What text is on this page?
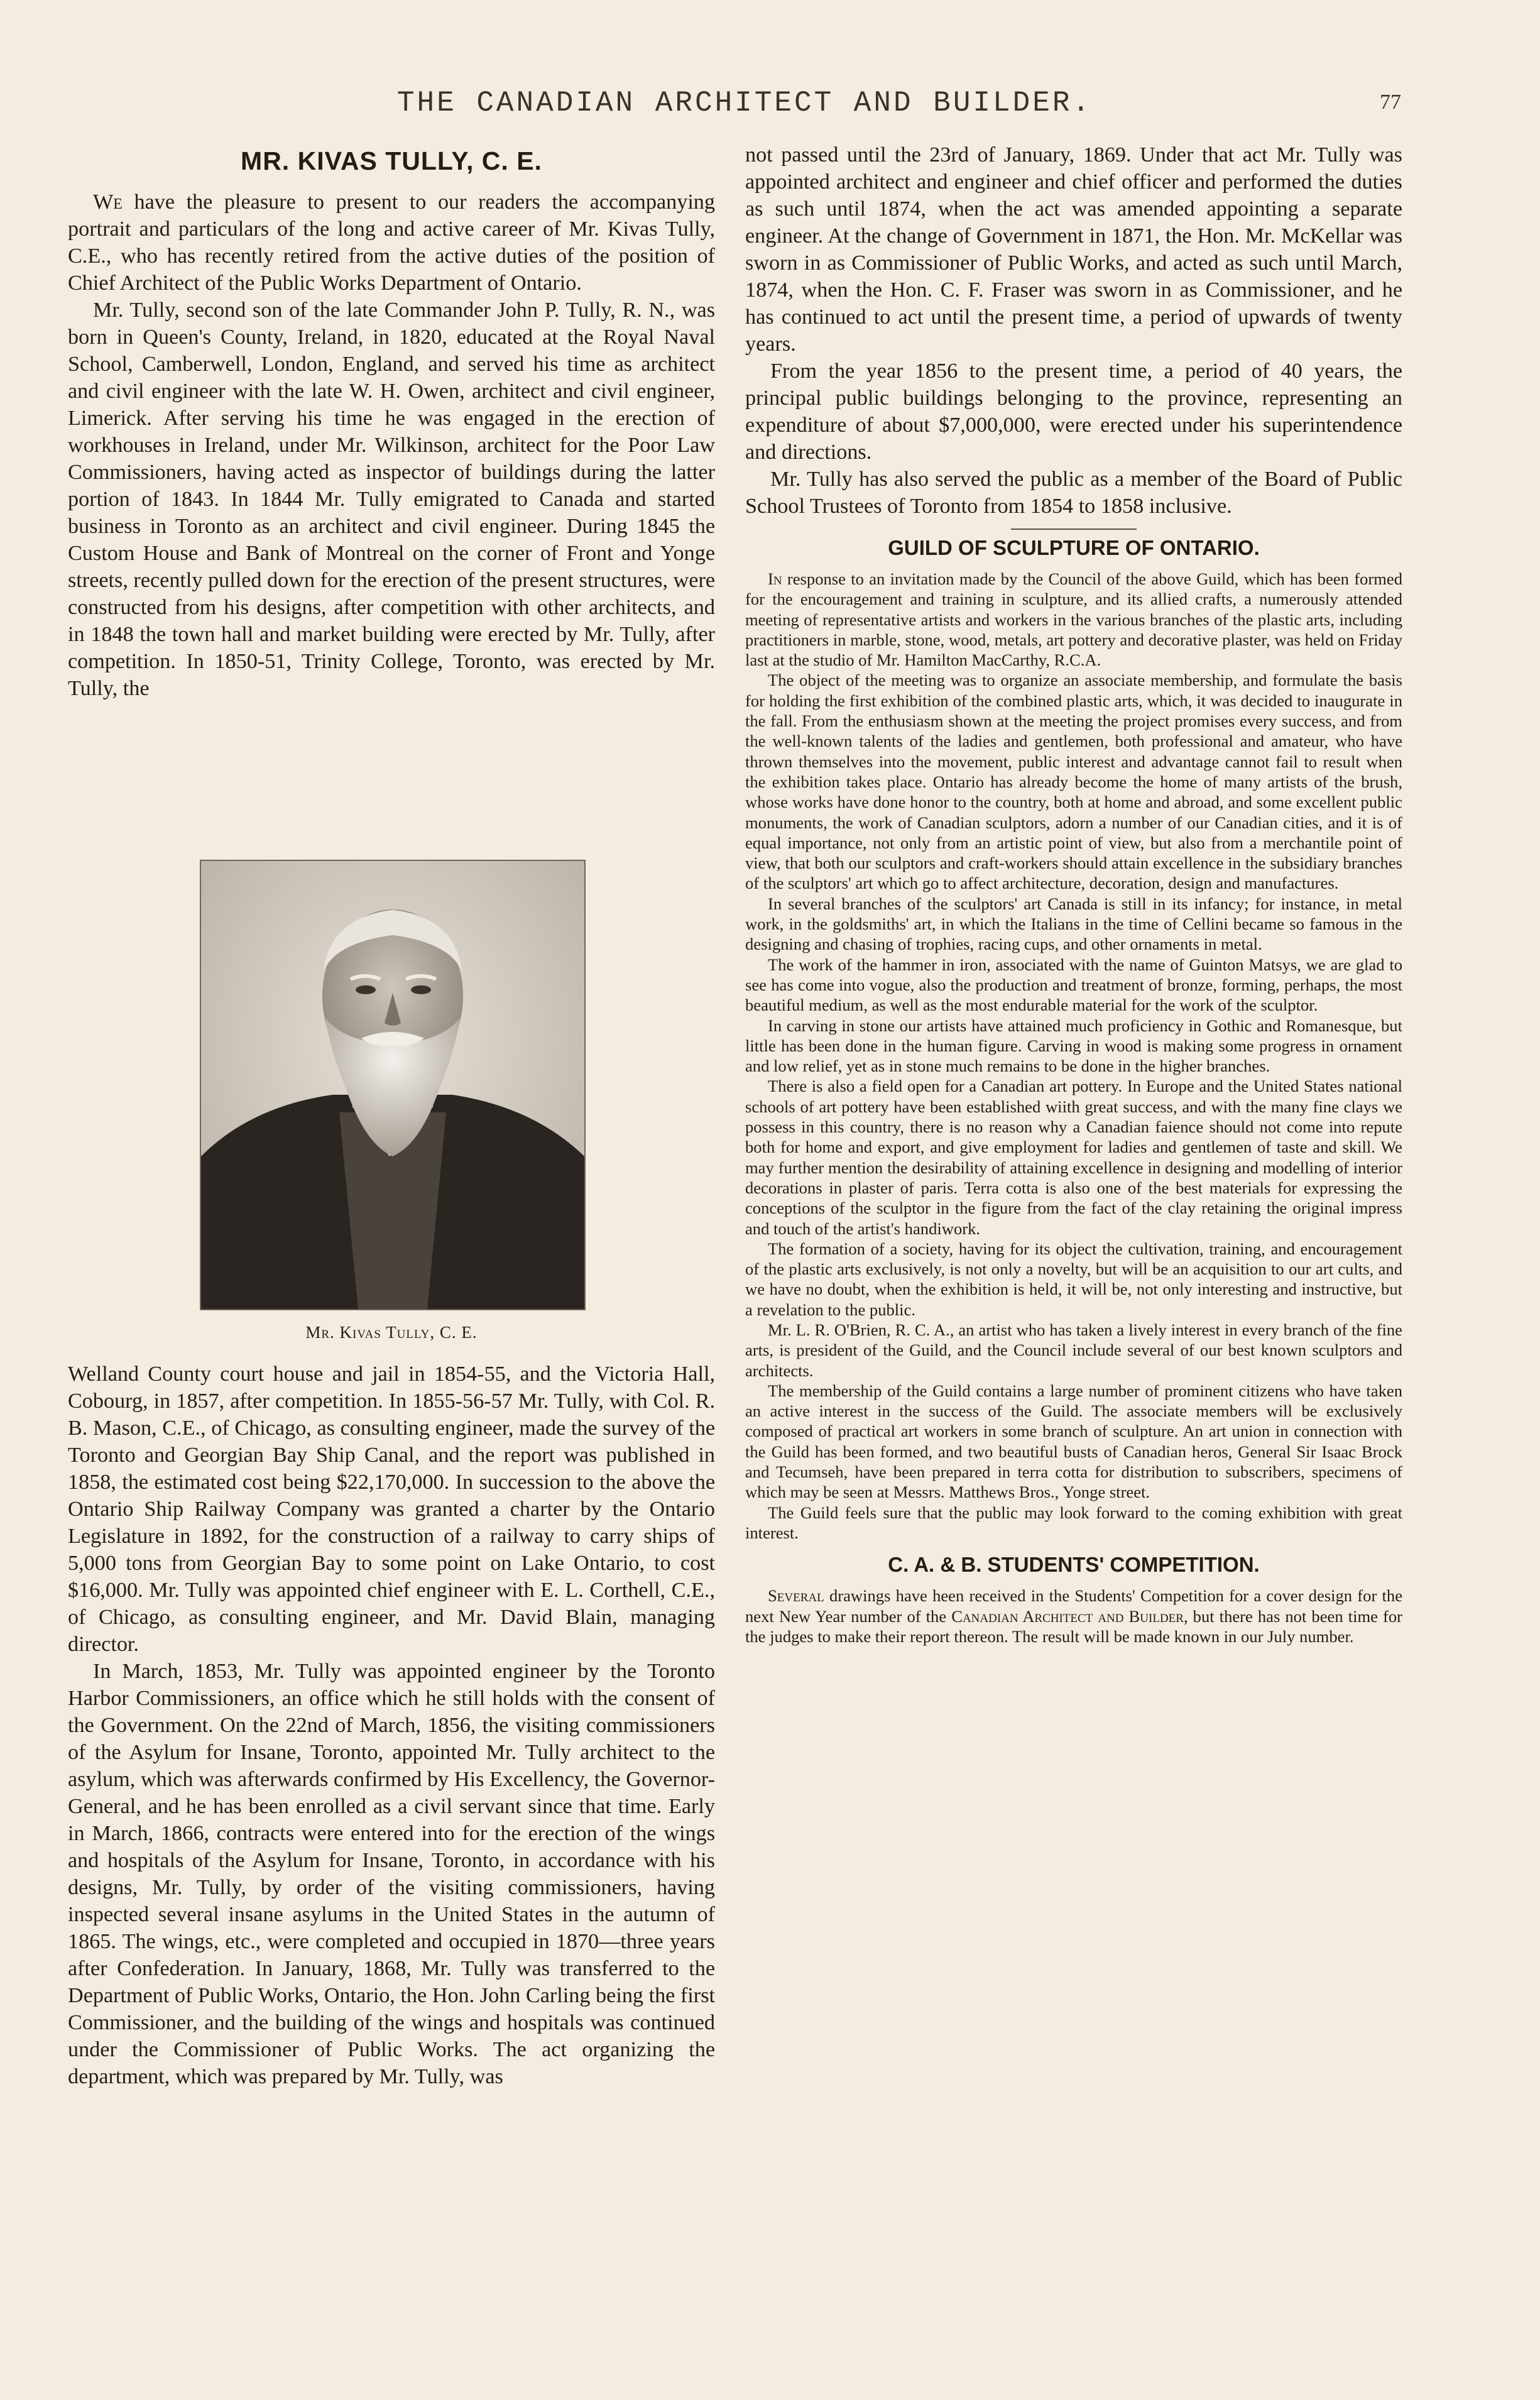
THE CANADIAN ARCHITECT AND BUILDER.	77
MR. KIVAS TULLY, C. E.

We have the pleasure to present to our readers the accompanying portrait and particulars of the long and active career of Mr. Kivas Tully, C.E., who has recently retired from the active duties of the position of Chief Architect of the Public Works Department of Ontario.

Mr. Tully, second son of the late Commander John P. Tully, R. N., was born in Queen's County, Ireland, in 1820, educated at the Royal Naval School, Camberwell, London, England, and served his time as architect and civil engineer with the late W. H. Owen, architect and civil engineer, Limerick. After serving his time he was engaged in the erection of workhouses in Ireland, under Mr. Wilkinson, architect for the Poor Law Commissioners, having acted as inspector of buildings during the latter portion of 1843. In 1844 Mr. Tully emigrated to Canada and started business in Toronto as an architect and civil engineer. During 1845 the Custom House and Bank of Montreal on the corner of Front and Yonge streets, recently pulled down for the erection of the present structures, were constructed from his designs, after competition with other architects, and in 1848 the town hall and market building were erected by Mr. Tully, after competition. In 1850-51, Trinity College, Toronto, was erected by Mr. Tully, the

Mr. Kivas Tully, C. E.

Welland County court house and jail in 1854-55, and the Victoria Hall, Cobourg, in 1857, after competition. In 1855-56-57 Mr. Tully, with Col. R. B. Mason, C.E., of Chicago, as consulting engineer, made the survey of the Toronto and Georgian Bay Ship Canal, and the report was published in 1858, the estimated cost being $22,170,000. In succession to the above the Ontario Ship Railway Company was granted a charter by the Ontario Legislature in 1892, for the construction of a railway to carry ships of 5,000 tons from Georgian Bay to some point on Lake Ontario, to cost $16,000. Mr. Tully was appointed chief engineer with E. L. Corthell, C.E., of Chicago, as consulting engineer, and Mr. David Blain, managing director.

In March, 1853, Mr. Tully was appointed engineer by the Toronto Harbor Commissioners, an office which he still holds with the consent of the Government. On the 22nd of March, 1856, the visiting commissioners of the Asylum for Insane, Toronto, appointed Mr. Tully architect to the asylum, which was afterwards confirmed by His Excellency, the Governor-General, and he has been enrolled as a civil servant since that time. Early in March, 1866, contracts were entered into for the erection of the wings and hospitals of the Asylum for Insane, Toronto, in accordance with his designs, Mr. Tully, by order of the visiting commissioners, having inspected several insane asylums in the United States in the autumn of 1865. The wings, etc., were completed and occupied in 1870—three years after Confederation. In January, 1868, Mr. Tully was transferred to the Department of Public Works, Ontario, the Hon. John Carling being the first Commissioner, and the building of the wings and hospitals was continued under the Commissioner of Public Works. The act organizing the department, which was prepared by Mr. Tully, was

not passed until the 23rd of January, 1869. Under that act Mr. Tully was appointed architect and engineer and chief officer and performed the duties as such until 1874, when the act was amended appointing a separate engineer. At the change of Government in 1871, the Hon. Mr. McKellar was sworn in as Commissioner of Public Works, and acted as such until March, 1874, when the Hon. C. F. Fraser was sworn in as Commissioner, and he has continued to act until the present time, a period of upwards of twenty years.

From the year 1856 to the present time, a period of 40 years, the principal public buildings belonging to the province, representing an expenditure of about $7,000,000, were erected under his superintendence and directions.

Mr. Tully has also served the public as a member of the Board of Public School Trustees of Toronto from 1854 to 1858 inclusive.

GUILD OF SCULPTURE OF ONTARIO.

In response to an invitation made by the Council of the above Guild, which has been formed for the encouragement and training in sculpture, and its allied crafts, a numerously attended meeting of representative artists and workers in the various branches of the plastic arts, including practitioners in marble, stone, wood, metals, art pottery and decorative plaster, was held on Friday last at the studio of Mr. Hamilton MacCarthy, R.C.A.

The object of the meeting was to organize an associate membership, and formulate the basis for holding the first exhibition of the combined plastic arts, which, it was decided to inaugurate in the fall. From the enthusiasm shown at the meeting the project promises every success, and from the well-known talents of the ladies and gentlemen, both professional and amateur, who have thrown themselves into the movement, public interest and advantage cannot fail to result when the exhibition takes place. Ontario has already become the home of many artists of the brush, whose works have done honor to the country, both at home and abroad, and some excellent public monuments, the work of Canadian sculptors, adorn a number of our Canadian cities, and it is of equal importance, not only from an artistic point of view, but also from a merchantile point of view, that both our sculptors and craft-workers should attain excellence in the subsidiary branches of the sculptors' art which go to affect architecture, decoration, design and manufactures.

In several branches of the sculptors' art Canada is still in its infancy; for instance, in metal work, in the goldsmiths' art, in which the Italians in the time of Cellini became so famous in the designing and chasing of trophies, racing cups, and other ornaments in metal.

The work of the hammer in iron, associated with the name of Guinton Matsys, we are glad to see has come into vogue, also the production and treatment of bronze, forming, perhaps, the most beautiful medium, as well as the most endurable material for the work of the sculptor.

In carving in stone our artists have attained much proficiency in Gothic and Romanesque, but little has been done in the human figure. Carving in wood is making some progress in ornament and low relief, yet as in stone much remains to be done in the higher branches.

There is also a field open for a Canadian art pottery. In Europe and the United States national schools of art pottery have been established wiith great success, and with the many fine clays we possess in this country, there is no reason why a Canadian faience should not come into repute both for home and export, and give employment for ladies and gentlemen of taste and skill. We may further mention the desirability of attaining excellence in designing and modelling of interior decorations in plaster of paris. Terra cotta is also one of the best materials for expressing the conceptions of the sculptor in the figure from the fact of the clay retaining the original impress and touch of the artist's handiwork.

The formation of a society, having for its object the cultivation, training, and encouragement of the plastic arts exclusively, is not only a novelty, but will be an acquisition to our art cults, and we have no doubt, when the exhibition is held, it will be, not only interesting and instructive, but a revelation to the public.

Mr. L. R. O'Brien, R. C. A., an artist who has taken a lively interest in every branch of the fine arts, is president of the Guild, and the Council include several of our best known sculptors and architects.

The membership of the Guild contains a large number of prominent citizens who have taken an active interest in the success of the Guild. The associate members will be exclusively composed of practical art workers in some branch of sculpture. An art union in connection with the Guild has been formed, and two beautiful busts of Canadian heros, General Sir Isaac Brock and Tecumseh, have been prepared in terra cotta for distribution to subscribers, specimens of which may be seen at Messrs. Matthews Bros., Yonge street.

The Guild feels sure that the public may look forward to the coming exhibition with great interest.

C. A. & B. STUDENTS' COMPETITION.

Several drawings have heen received in the Students' Competition for a cover design for the next New Year number of the Canadian Architect and Builder, but there has not been time for the judges to make their report thereon. The result will be made known in our July number.
